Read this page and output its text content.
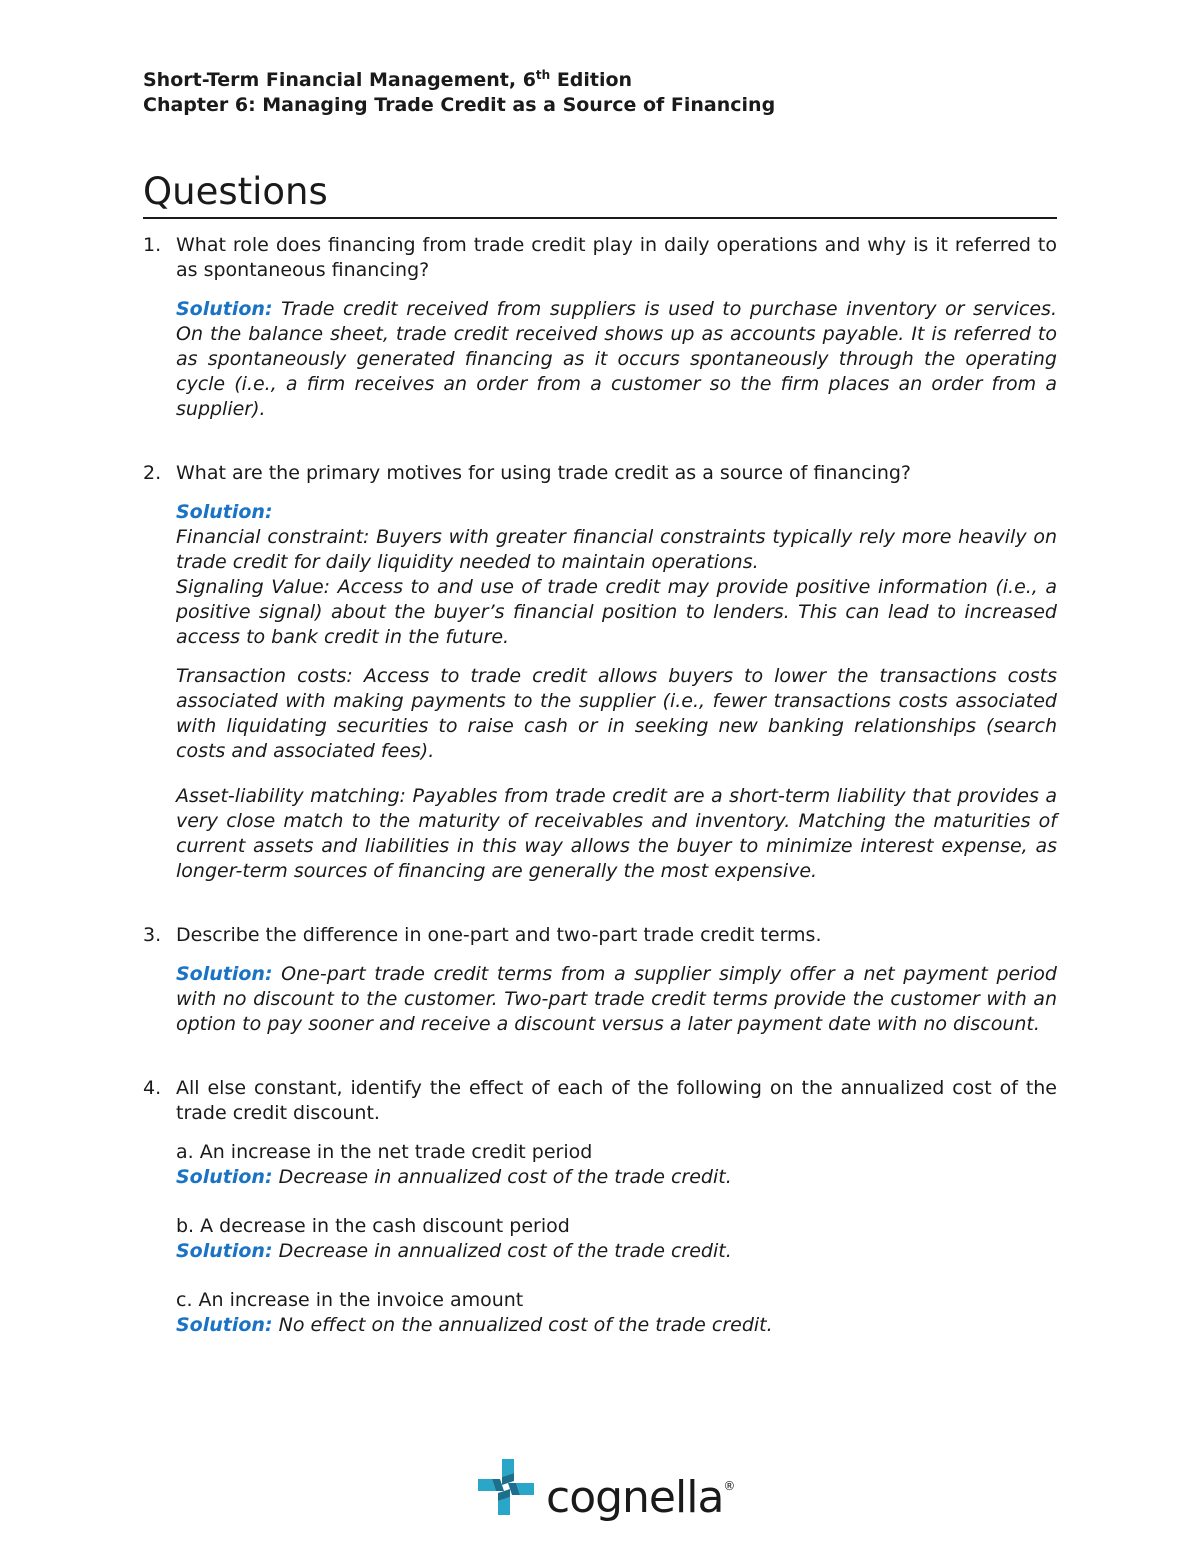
Short-Term Financial Management, 6th Edition
Chapter 6: Managing Trade Credit as a Source of Financing
Questions
1. What role does financing from trade credit play in daily operations and why is it referred to as spontaneous financing?
Solution: Trade credit received from suppliers is used to purchase inventory or services. On the balance sheet, trade credit received shows up as accounts payable. It is referred to as spontaneously generated financing as it occurs spontaneously through the operating cycle (i.e., a firm receives an order from a customer so the firm places an order from a supplier).
2. What are the primary motives for using trade credit as a source of financing?
Solution:
Financial constraint: Buyers with greater financial constraints typically rely more heavily on trade credit for daily liquidity needed to maintain operations.
Signaling Value: Access to and use of trade credit may provide positive information (i.e., a positive signal) about the buyer’s financial position to lenders. This can lead to increased access to bank credit in the future.
Transaction costs: Access to trade credit allows buyers to lower the transactions costs associated with making payments to the supplier (i.e., fewer transactions costs associated with liquidating securities to raise cash or in seeking new banking relationships (search costs and associated fees).
Asset-liability matching: Payables from trade credit are a short-term liability that provides a very close match to the maturity of receivables and inventory. Matching the maturities of current assets and liabilities in this way allows the buyer to minimize interest expense, as longer-term sources of financing are generally the most expensive.
3. Describe the difference in one-part and two-part trade credit terms.
Solution: One-part trade credit terms from a supplier simply offer a net payment period with no discount to the customer. Two-part trade credit terms provide the customer with an option to pay sooner and receive a discount versus a later payment date with no discount.
4. All else constant, identify the effect of each of the following on the annualized cost of the trade credit discount.
a. An increase in the net trade credit period
Solution: Decrease in annualized cost of the trade credit.
b. A decrease in the cash discount period
Solution: Decrease in annualized cost of the trade credit.
c. An increase in the invoice amount
Solution: No effect on the annualized cost of the trade credit.
cognella®
